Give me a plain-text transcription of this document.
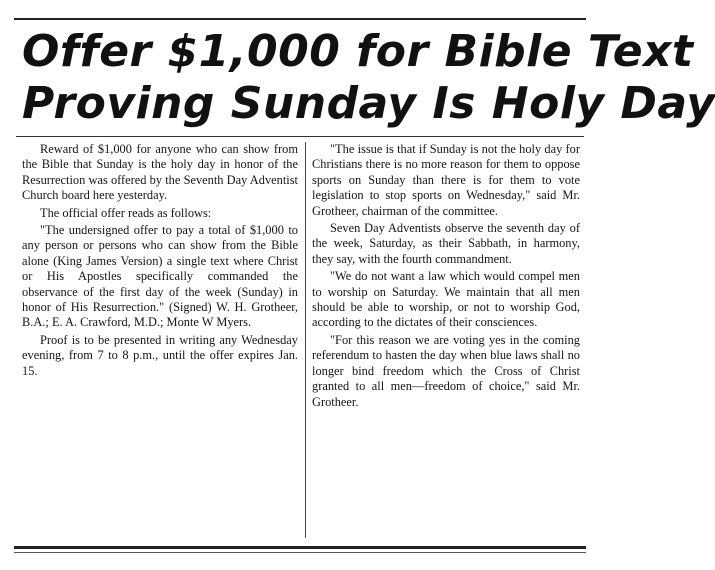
Offer $1,000 for Bible Text
Proving Sunday Is Holy Day

Reward of $1,000 for anyone who can show from the Bible that Sunday is the holy day in honor of the Resurrection was offered by the Seventh Day Adventist Church board here yesterday.

The official offer reads as follows:

"The undersigned offer to pay a total of $1,000 to any person or persons who can show from the Bible alone (King James Version) a single text where Christ or His Apostles specifically commanded the observance of the first day of the week (Sunday) in honor of His Resurrection." (Signed) W. H. Grotheer, B.A.; E. A. Crawford, M.D.; Monte W Myers.

Proof is to be presented in writing any Wednesday evening, from 7 to 8 p.m., until the offer expires Jan. 15.

"The issue is that if Sunday is not the holy day for Christians there is no more reason for them to oppose sports on Sunday than there is for them to vote legislation to stop sports on Wednesday," said Mr. Grotheer, chairman of the committee.

Seven Day Adventists observe the seventh day of the week, Saturday, as their Sabbath, in harmony, they say, with the fourth commandment.

"We do not want a law which would compel men to worship on Saturday. We maintain that all men should be able to worship, or not to worship God, according to the dictates of their consciences.

"For this reason we are voting yes in the coming referendum to hasten the day when blue laws shall no longer bind freedom which the Cross of Christ granted to all men—freedom of choice," said Mr. Grotheer.
